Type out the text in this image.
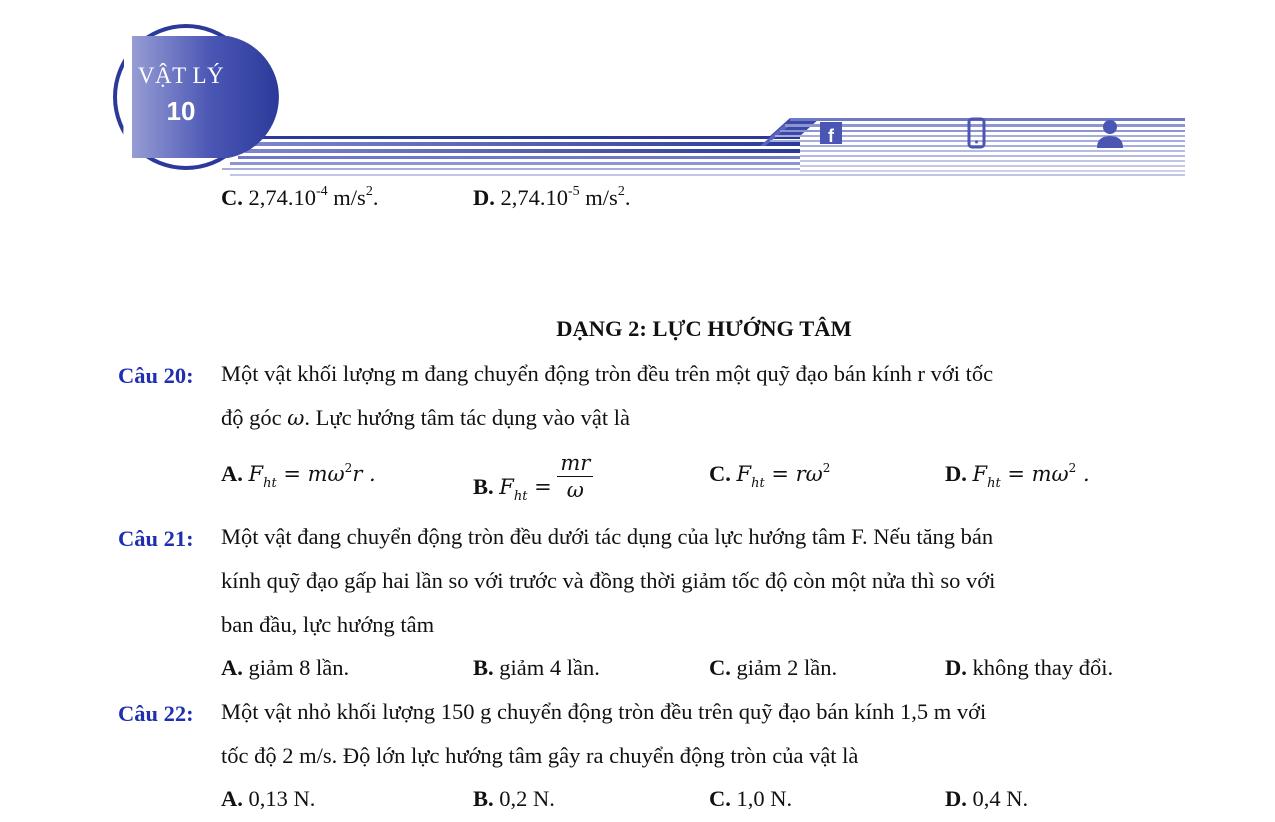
f
VẬT LÝ
10
C. $2,74.10^{-4}$ $m/s^2$.	D. $2,74.10^{-5}$ $m/s^2$.
DẠNG 2: LỰC HƯỚNG TÂM
Câu 20: Một vật khối lượng m đang chuyển động tròn đều trên một quỹ đạo bán kính r với tốc
độ góc ω. Lực hướng tâm tác dụng vào vật là
A. $F_{ht} = m\omega^2r$ .
B. $F_{ht} = \frac{mr}{\omega}$	C. $F_{ht} = r\omega^2$	D. $F_{ht} = m\omega^2$ .
Câu 21: Một vật đang chuyển động tròn đều dưới tác dụng của lực hướng tâm F. Nếu tăng bán
kính quỹ đạo gấp hai lần so với trước và đồng thời giảm tốc độ còn một nửa thì so với
ban đầu, lực hướng tâm
A. giảm 8 lần.	B. giảm 4 lần.	C. giảm 2 lần.	D. không thay đổi.
Câu 22: Một vật nhỏ khối lượng 150 g chuyển động tròn đều trên quỹ đạo bán kính 1,5 m với
tốc độ 2 m/s. Độ lớn lực hướng tâm gây ra chuyển động tròn của vật là
A. 0,13 N.	B. 0,2 N.	C. 1,0 N.	D. 0,4 N.
